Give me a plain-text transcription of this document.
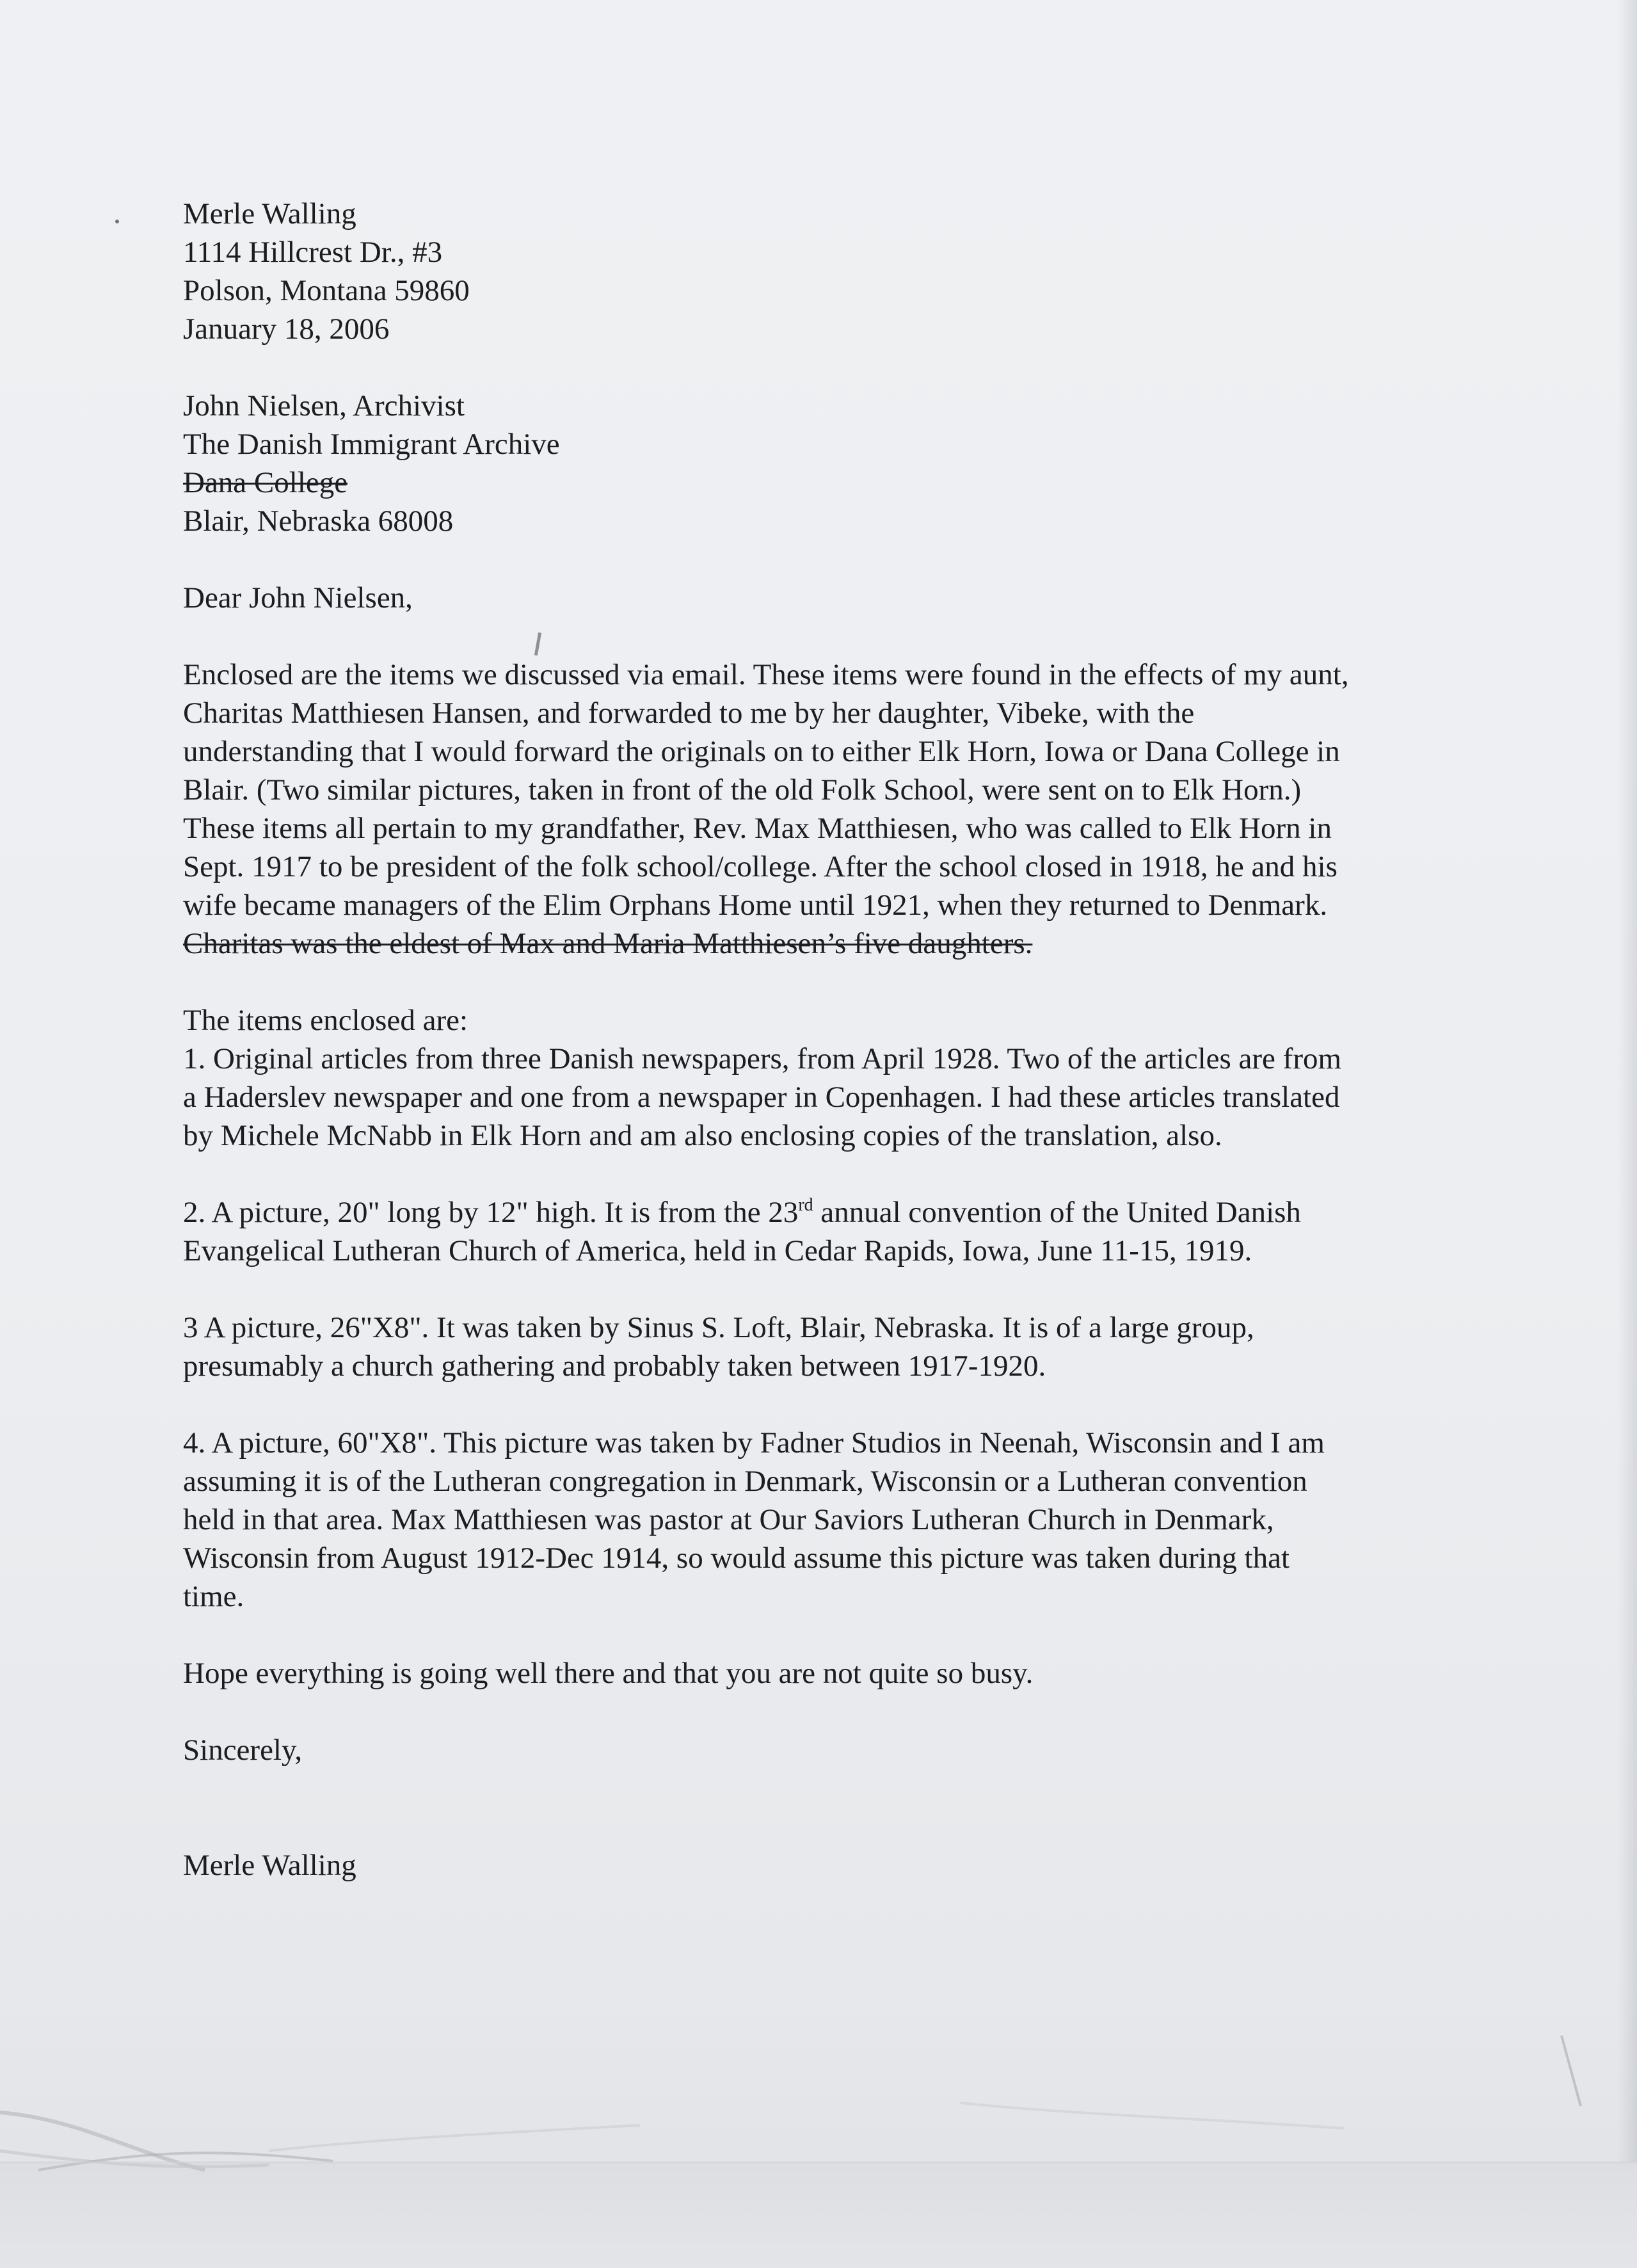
Merle Walling
1114 Hillcrest Dr., #3
Polson, Montana 59860
January 18, 2006
John Nielsen, Archivist
The Danish Immigrant Archive
Dana College
Blair, Nebraska 68008
Dear John Nielsen,
Enclosed are the items we discussed via email. These items were found in the effects of my aunt,
Charitas Matthiesen Hansen, and forwarded to me by her daughter, Vibeke, with the
understanding that I would forward the originals on to either Elk Horn, Iowa or Dana College in
Blair. (Two similar pictures, taken in front of the old Folk School, were sent on to Elk Horn.)
These items all pertain to my grandfather, Rev. Max Matthiesen, who was called to Elk Horn in
Sept. 1917 to be president of the folk school/college. After the school closed in 1918, he and his
wife became managers of the Elim Orphans Home until 1921, when they returned to Denmark.
Charitas was the eldest of Max and Maria Matthiesen’s five daughters.
The items enclosed are:
1. Original articles from three Danish newspapers, from April 1928. Two of the articles are from
a Haderslev newspaper and one from a newspaper in Copenhagen. I had these articles translated
by Michele McNabb in Elk Horn and am also enclosing copies of the translation, also.
2. A picture, 20" long by 12" high. It is from the 23rd annual convention of the United Danish
Evangelical Lutheran Church of America, held in Cedar Rapids, Iowa, June 11-15, 1919.
3 A picture, 26"X8". It was taken by Sinus S. Loft, Blair, Nebraska. It is of a large group,
presumably a church gathering and probably taken between 1917-1920.
4. A picture, 60"X8". This picture was taken by Fadner Studios in Neenah, Wisconsin and I am
assuming it is of the Lutheran congregation in Denmark, Wisconsin or a Lutheran convention
held in that area. Max Matthiesen was pastor at Our Saviors Lutheran Church in Denmark,
Wisconsin from August 1912-Dec 1914, so would assume this picture was taken during that
time.
Hope everything is going well there and that you are not quite so busy.
Sincerely,
Merle Walling
